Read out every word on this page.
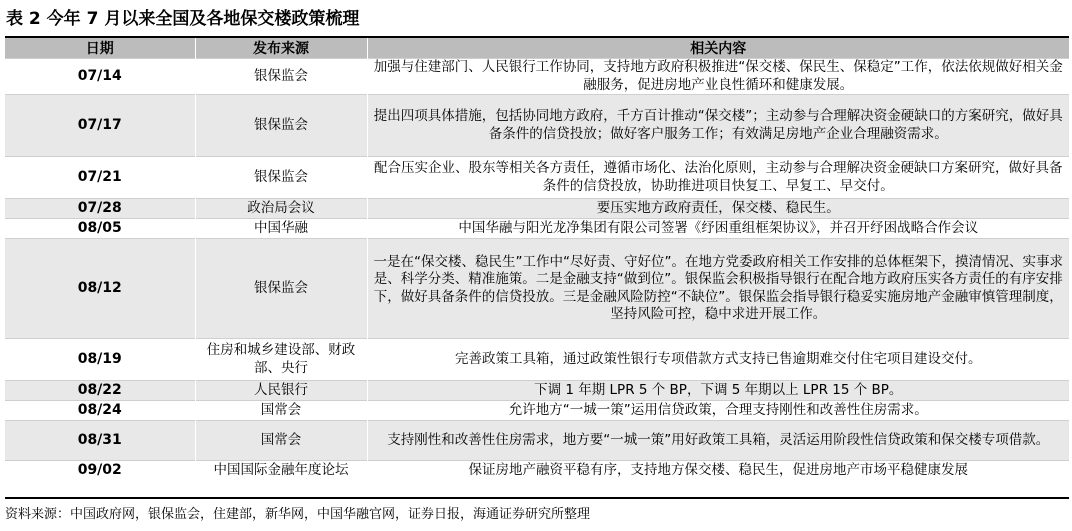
表 2 今年 7 月以来全国及各地保交楼政策梳理
日期	发布来源	相关内容
07/14	银保监会	加强与住建部门、人民银行工作协同，支持地方政府积极推进“保交楼、保民生、保稳定”工作，依法依规做好相关金融服务，促进房地产业良性循环和健康发展。
07/17	银保监会	提出四项具体措施，包括协同地方政府，千方百计推动“保交楼”；主动参与合理解决资金硬缺口的方案研究，做好具备条件的信贷投放；做好客户服务工作；有效满足房地产企业合理融资需求。
07/21	银保监会	配合压实企业、股东等相关各方责任，遵循市场化、法治化原则，主动参与合理解决资金硬缺口方案研究，做好具备条件的信贷投放，协助推进项目快复工、早复工、早交付。
07/28	政治局会议	要压实地方政府责任，保交楼、稳民生。
08/05	中国华融	中国华融与阳光龙净集团有限公司签署《纾困重组框架协议》，并召开纾困战略合作会议
08/12	银保监会	一是在“保交楼、稳民生”工作中“尽好责、守好位”。在地方党委政府相关工作安排的总体框架下，摸清情况、实事求是、科学分类、精准施策。二是金融支持“做到位”。银保监会积极指导银行在配合地方政府压实各方责任的有序安排下，做好具备条件的信贷投放。三是金融风险防控“不缺位”。银保监会指导银行稳妥实施房地产金融审慎管理制度，坚持风险可控，稳中求进开展工作。
08/19	住房和城乡建设部、财政部、央行	完善政策工具箱，通过政策性银行专项借款方式支持已售逾期难交付住宅项目建设交付。
08/22	人民银行	下调 1 年期 LPR 5 个 BP，下调 5 年期以上 LPR 15 个 BP。
08/24	国常会	允许地方“一城一策”运用信贷政策，合理支持刚性和改善性住房需求。
08/31	国常会	支持刚性和改善性住房需求，地方要“一城一策”用好政策工具箱，灵活运用阶段性信贷政策和保交楼专项借款。
09/02	中国国际金融年度论坛	保证房地产融资平稳有序，支持地方保交楼、稳民生，促进房地产市场平稳健康发展
资料来源：中国政府网，银保监会，住建部，新华网，中国华融官网，证券日报，海通证券研究所整理
